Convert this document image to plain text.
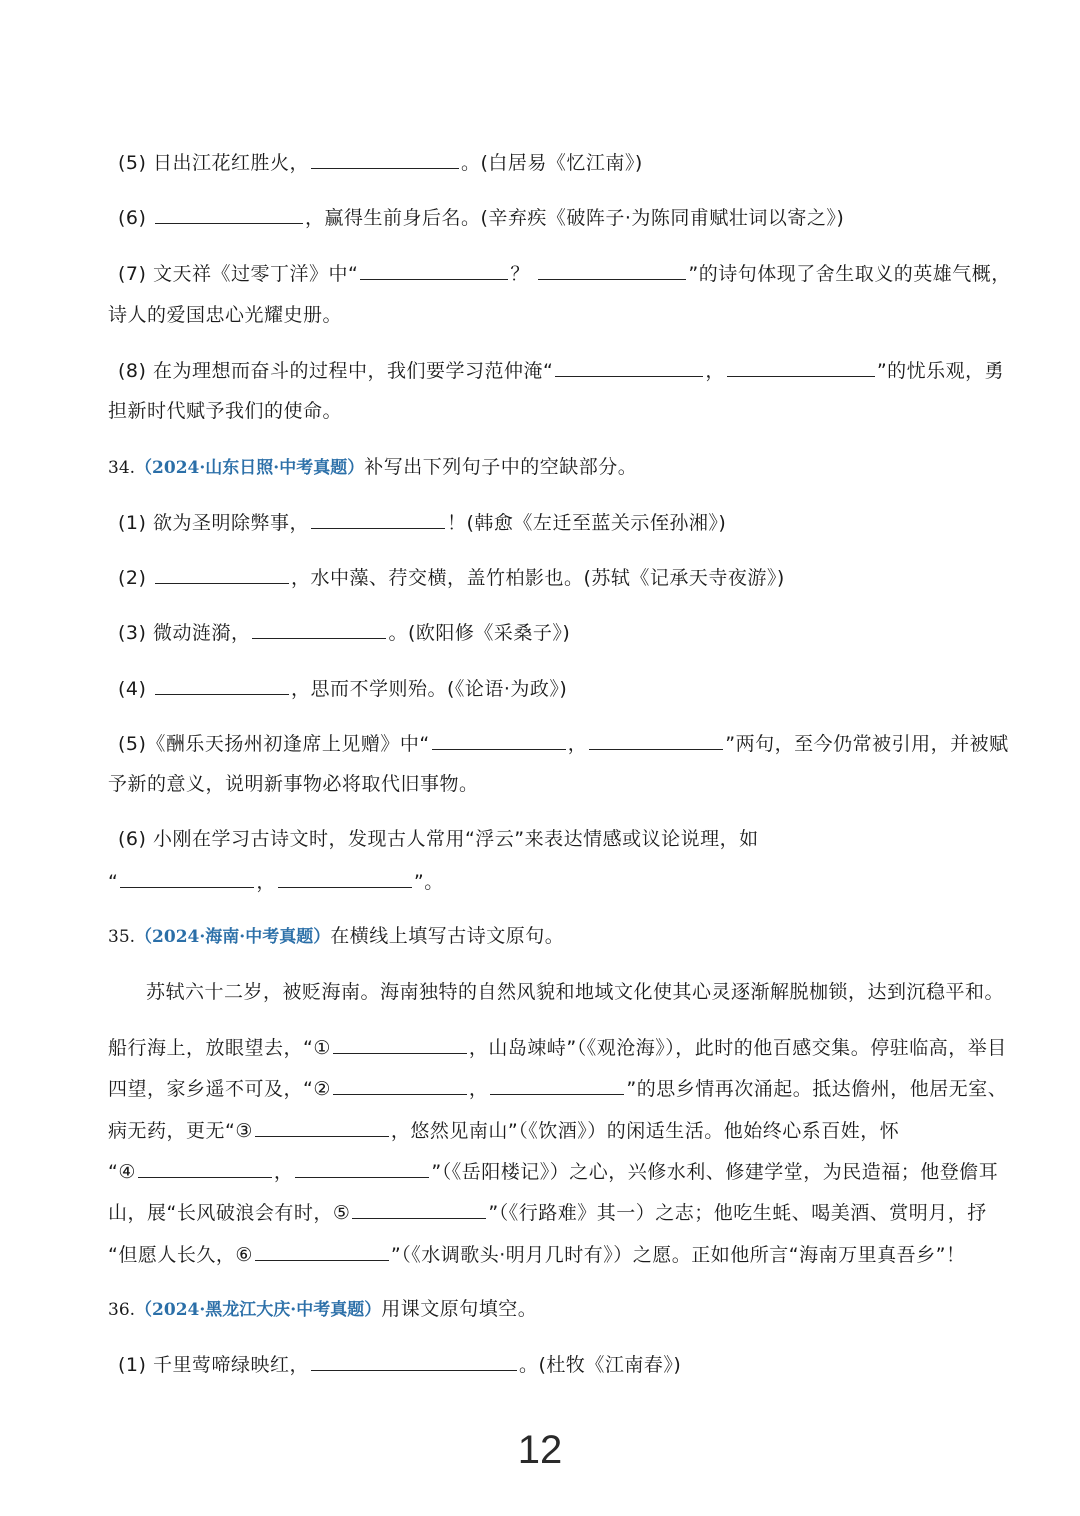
(5) 日出江花红胜火，	。(白居易《忆江南》)
(6)	，赢得生前身后名。(辛弃疾《破阵子·为陈同甫赋壮词以寄之》)
(7) 文天祥《过零丁洋》中“	？	”的诗句体现了舍生取义的英雄气概，
诗人的爱国忠心光耀史册。
(8) 在为理想而奋斗的过程中，我们要学习范仲淹“	，	”的忧乐观，勇
担新时代赋予我们的使命。
34.（2024·山东日照·中考真题）补写出下列句子中的空缺部分。
(1) 欲为圣明除弊事，	！(韩愈《左迁至蓝关示侄孙湘》)
(2)	，水中藻、荇交横，盖竹柏影也。(苏轼《记承天寺夜游》)
(3) 微动涟漪，	。(欧阳修《采桑子》)
(4)	，思而不学则殆。(《论语·为政》)
(5)《酬乐天扬州初逢席上见赠》中“	，	”两句，至今仍常被引用，并被赋
予新的意义，说明新事物必将取代旧事物。
(6) 小刚在学习古诗文时，发现古人常用“浮云”来表达情感或议论说理，如
“	，	”。
35.（2024·海南·中考真题）在横线上填写古诗文原句。
苏轼六十二岁，被贬海南。海南独特的自然风貌和地域文化使其心灵逐渐解脱枷锁，达到沉稳平和。
船行海上，放眼望去，“①	，山岛竦峙”（《观沧海》），此时的他百感交集。停驻临高，举目
四望，家乡遥不可及，“②	，	”的思乡情再次涌起。抵达儋州，他居无室、
病无药，更无“③	，悠然见南山”（《饮酒》）的闲适生活。他始终心系百姓，怀
“④	，	”（《岳阳楼记》）之心，兴修水利、修建学堂，为民造福；他登儋耳
山，展“长风破浪会有时，⑤	”（《行路难》其一）之志；他吃生蚝、喝美酒、赏明月，抒
“但愿人长久，⑥	”（《水调歌头·明月几时有》）之愿。正如他所言“海南万里真吾乡”！
36.（2024·黑龙江大庆·中考真题）用课文原句填空。
(1) 千里莺啼绿映红，	。(杜牧《江南春》)
12
